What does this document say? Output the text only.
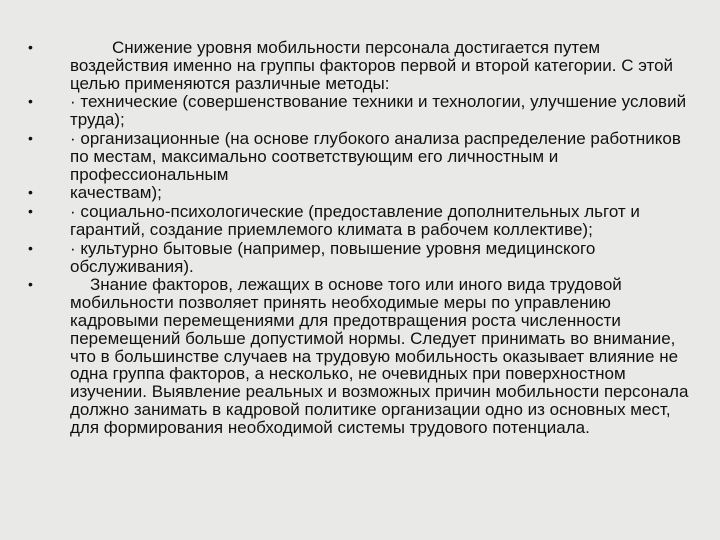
•	Снижение уровня мобильности персонала достигается путем воздействия именно на группы факторов первой и второй категории. С этой целью применяются различные методы:
• · технические (совершенствование техники и технологии, улучшение условий труда);
• · организационные (на основе глубокого анализа распределение работников по местам, максимально соответствующим его личностным и профессиональным
• качествам);
• · социально-психологические (предоставление дополнительных льгот и гарантий, создание приемлемого климата в рабочем коллективе);
• · культурно бытовые (например, повышение уровня медицинского обслуживания).
•	Знание факторов, лежащих в основе того или иного вида трудовой мобильности позволяет принять необходимые меры по управлению кадровыми перемещениями для предотвращения роста численности перемещений больше допустимой нормы. Следует принимать во внимание, что в большинстве случаев на трудовую мобильность оказывает влияние не одна группа факторов, а несколько, не очевидных при поверхностном изучении. Выявление реальных и возможных причин мобильности персонала должно занимать в кадровой политике организации одно из основных мест, для формирования необходимой системы трудового потенциала.
